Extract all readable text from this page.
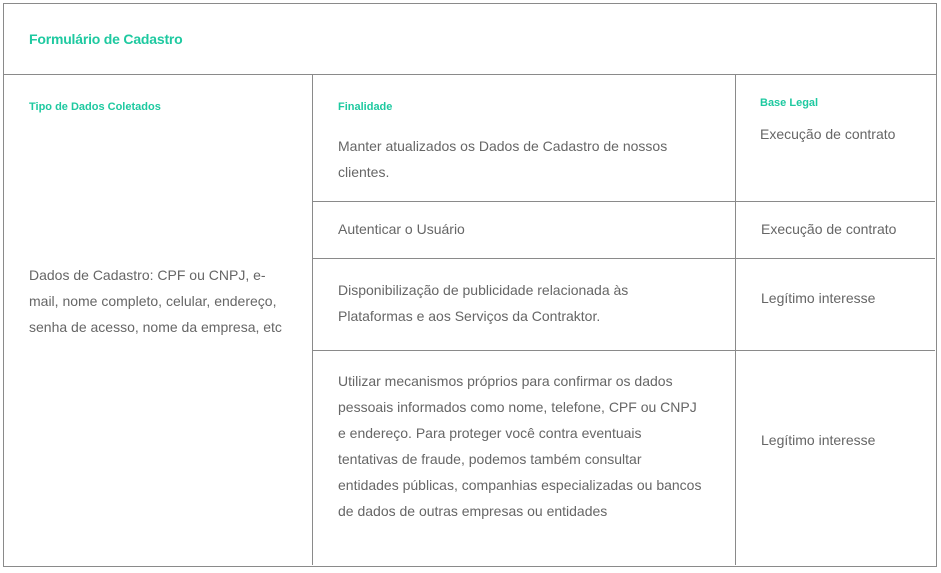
Formulário de Cadastro
Tipo de Dados Coletados
Dados de Cadastro: CPF ou CNPJ, e-mail, nome completo, celular, endereço, senha de acesso, nome da empresa, etc
Finalidade
Manter atualizados os Dados de Cadastro de nossos clientes.
Base Legal
Execução de contrato
Autenticar o Usuário	Execução de contrato
Disponibilização de publicidade relacionada às Plataformas e aos Serviços da Contraktor.
Legítimo interesse
Utilizar mecanismos próprios para confirmar os dados pessoais informados como nome, telefone, CPF ou CNPJ e endereço. Para proteger você contra eventuais tentativas de fraude, podemos também consultar entidades públicas, companhias especializadas ou bancos de dados de outras empresas ou entidades
Legítimo interesse
